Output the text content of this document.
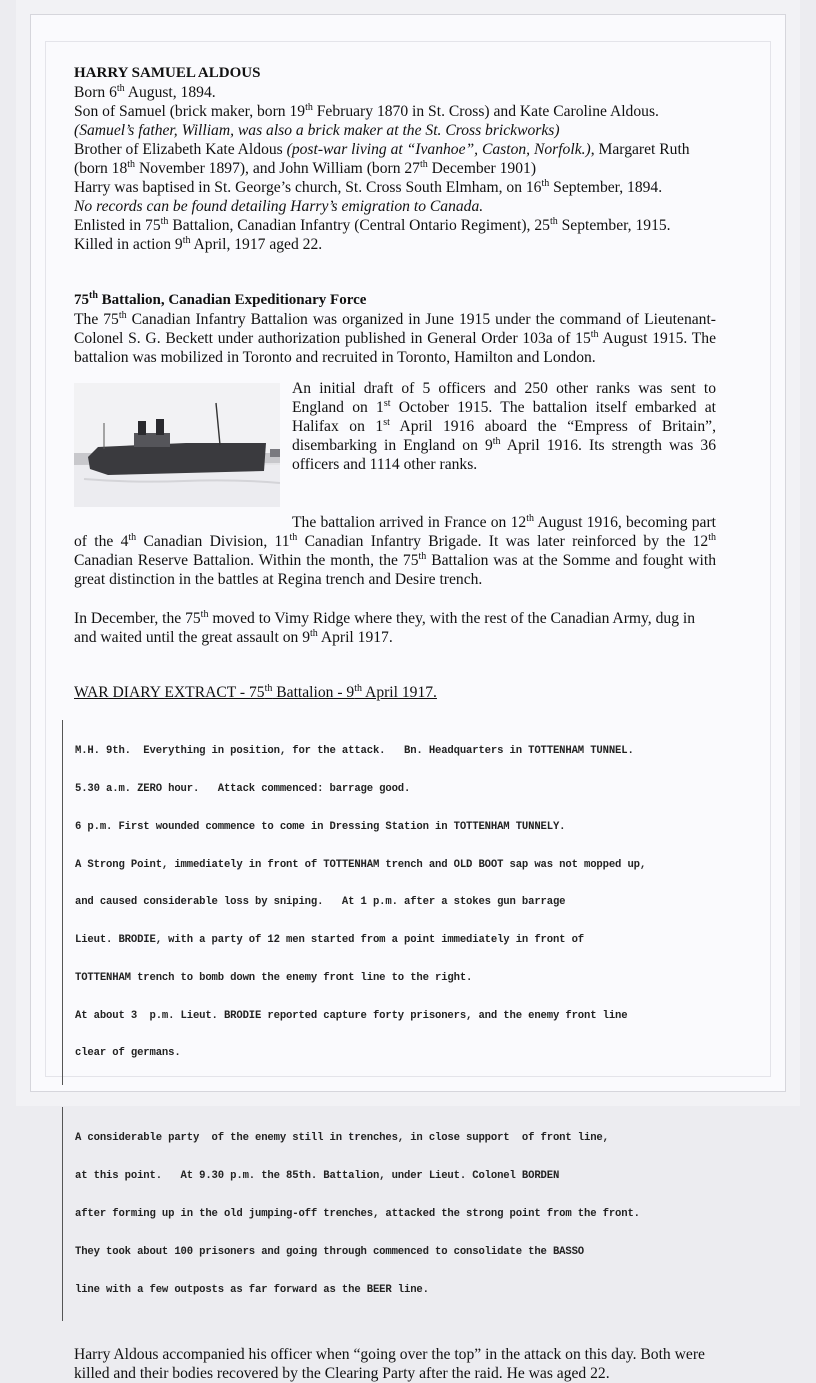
HARRY SAMUEL ALDOUS
Born 6th August, 1894.
Son of Samuel (brick maker, born 19th February 1870 in St. Cross) and Kate Caroline Aldous.
(Samuel’s father, William, was also a brick maker at the St. Cross brickworks)
Brother of Elizabeth Kate Aldous (post-war living at “Ivanhoe”, Caston, Norfolk.), Margaret Ruth (born 18th November 1897), and John William (born 27th December 1901)
Harry was baptised in St. George’s church, St. Cross South Elmham, on 16th September, 1894.
No records can be found detailing Harry’s emigration to Canada.
Enlisted in 75th Battalion, Canadian Infantry (Central Ontario Regiment), 25th September, 1915.
Killed in action 9th April, 1917 aged 22.
75th Battalion, Canadian Expeditionary Force
The 75th Canadian Infantry Battalion was organized in June 1915 under the command of Lieutenant-Colonel S. G. Beckett under authorization published in General Order 103a of 15th August 1915. The battalion was mobilized in Toronto and recruited in Toronto, Hamilton and London.
An initial draft of 5 officers and 250 other ranks was sent to England on 1st October 1915. The battalion itself embarked at Halifax on 1st April 1916 aboard the “Empress of Britain”, disembarking in England on 9th April 1916. Its strength was 36 officers and 1114 other ranks.
The battalion arrived in France on 12th August 1916, becoming part of the 4th Canadian Division, 11th Canadian Infantry Brigade. It was later reinforced by the 12th Canadian Reserve Battalion. Within the month, the 75th Battalion was at the Somme and fought with great distinction in the battles at Regina trench and Desire trench.
In December, the 75th moved to Vimy Ridge where they, with the rest of the Canadian Army, dug in and waited until the great assault on 9th April 1917.
WAR DIARY EXTRACT - 75th Battalion - 9th April 1917.

M.H. 9th.  Everything in position, for the attack.   Bn. Headquarters in TOTTENHAM TUNNEL.

5.30 a.m. ZERO hour.   Attack commenced: barrage good.

6 p.m. First wounded commence to come in Dressing Station in TOTTENHAM TUNNELY.

A Strong Point, immediately in front of TOTTENHAM trench and OLD BOOT sap was not mopped up,

and caused considerable loss by sniping.   At 1 p.m. after a stokes gun barrage

Lieut. BRODIE, with a party of 12 men started from a point immediately in front of

TOTTENHAM trench to bomb down the enemy front line to the right.

At about 3  p.m. Lieut. BRODIE reported capture forty prisoners, and the enemy front line

clear of germans.

A considerable party  of the enemy still in trenches, in close support  of front line,

at this point.   At 9.30 p.m. the 85th. Battalion, under Lieut. Colonel BORDEN

after forming up in the old jumping-off trenches, attacked the strong point from the front.

They took about 100 prisoners and going through commenced to consolidate the BASSO

line with a few outposts as far forward as the BEER line.

Harry Aldous accompanied his officer when “going over the top” in the attack on this day. Both were killed and their bodies recovered by the Clearing Party after the raid. He was aged 22.
